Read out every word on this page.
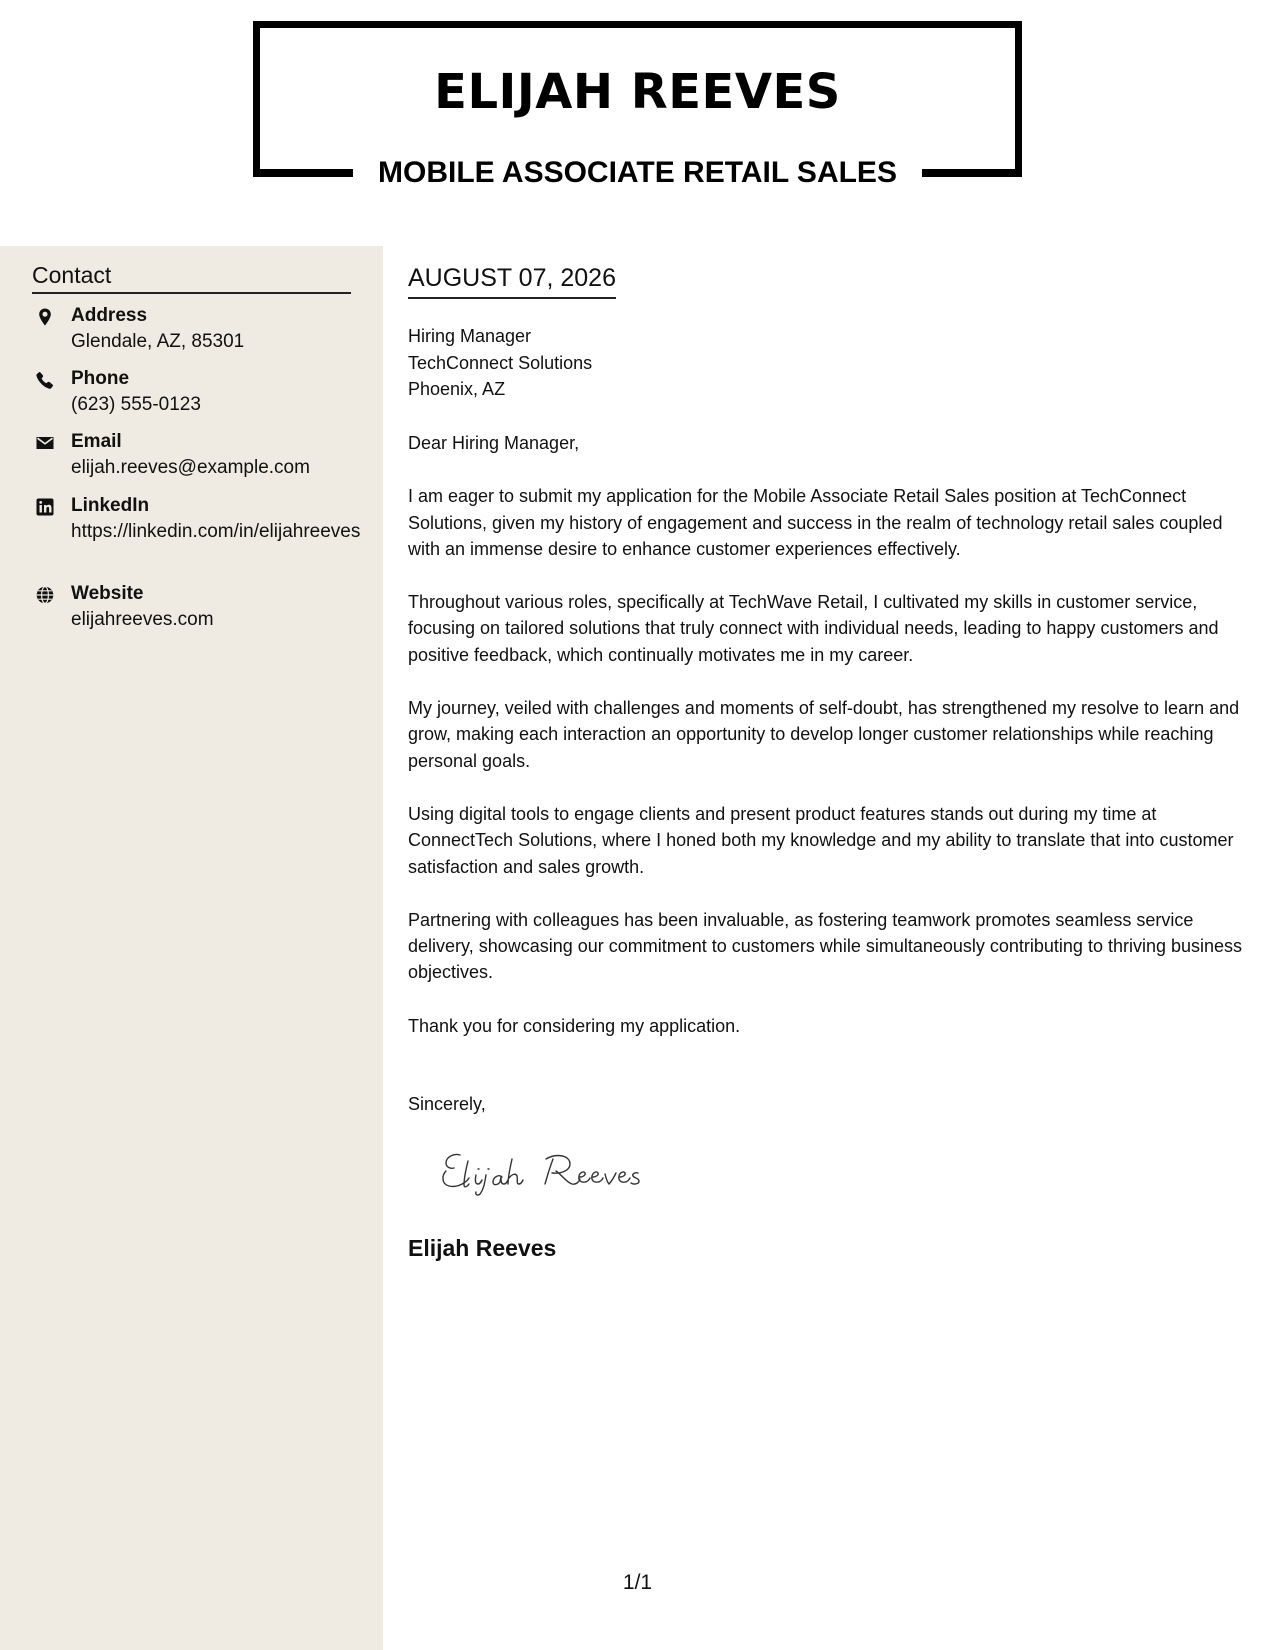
ELIJAH REEVES
MOBILE ASSOCIATE RETAIL SALES
Contact
Address
Glendale, AZ, 85301
Phone
(623) 555-0123
Email
elijah.reeves@example.com
LinkedIn
https://linkedin.com/in/elijahreeves
Website
elijahreeves.com
AUGUST 07, 2026
Hiring Manager
TechConnect Solutions
Phoenix, AZ

Dear Hiring Manager,

I am eager to submit my application for the Mobile Associate Retail Sales position at TechConnect Solutions, given my history of engagement and success in the realm of technology retail sales coupled with an immense desire to enhance customer experiences effectively.

Throughout various roles, specifically at TechWave Retail, I cultivated my skills in customer service, focusing on tailored solutions that truly connect with individual needs, leading to happy customers and positive feedback, which continually motivates me in my career.

My journey, veiled with challenges and moments of self-doubt, has strengthened my resolve to learn and grow, making each interaction an opportunity to develop longer customer relationships while reaching personal goals.

Using digital tools to engage clients and present product features stands out during my time at ConnectTech Solutions, where I honed both my knowledge and my ability to translate that into customer satisfaction and sales growth.

Partnering with colleagues has been invaluable, as fostering teamwork promotes seamless service delivery, showcasing our commitment to customers while simultaneously contributing to thriving business objectives.

Thank you for considering my application.

Sincerely,
Elijah Reeves
1/1
